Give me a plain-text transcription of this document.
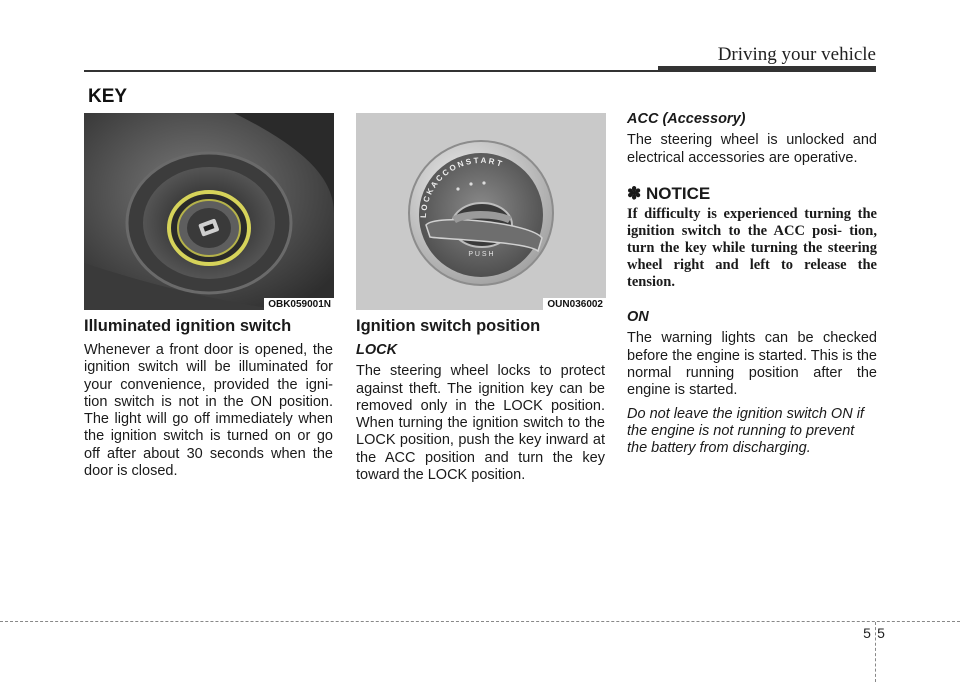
Driving your vehicle
KEY
OBK059001N
L O C K A C C O N S T A R T
P U S H
OUN036002
Illuminated ignition switch

Whenever a front door is opened, the ignition switch will be illuminated for your convenience, provided the igni- tion switch is not in the ON position. The light will go off immediately when the ignition switch is turned on or go off after about 30 seconds when the door is closed.

Ignition switch position

LOCK

The steering wheel locks to protect against theft. The ignition key can be removed only in the LOCK position. When turning the ignition switch to the LOCK position, push the key inward at the ACC position and turn the key toward the LOCK position.

ACC (Accessory)

The steering wheel is unlocked and electrical accessories are operative.

✽ NOTICE

If difficulty is experienced turning the ignition switch to the ACC posi- tion, turn the key while turning the steering wheel right and left to release the tension.

ON

The warning lights can be checked before the engine is started. This is the normal running position after the engine is started.

Do not leave the ignition switch ON if the engine is not running to prevent the battery from discharging.

5 5
